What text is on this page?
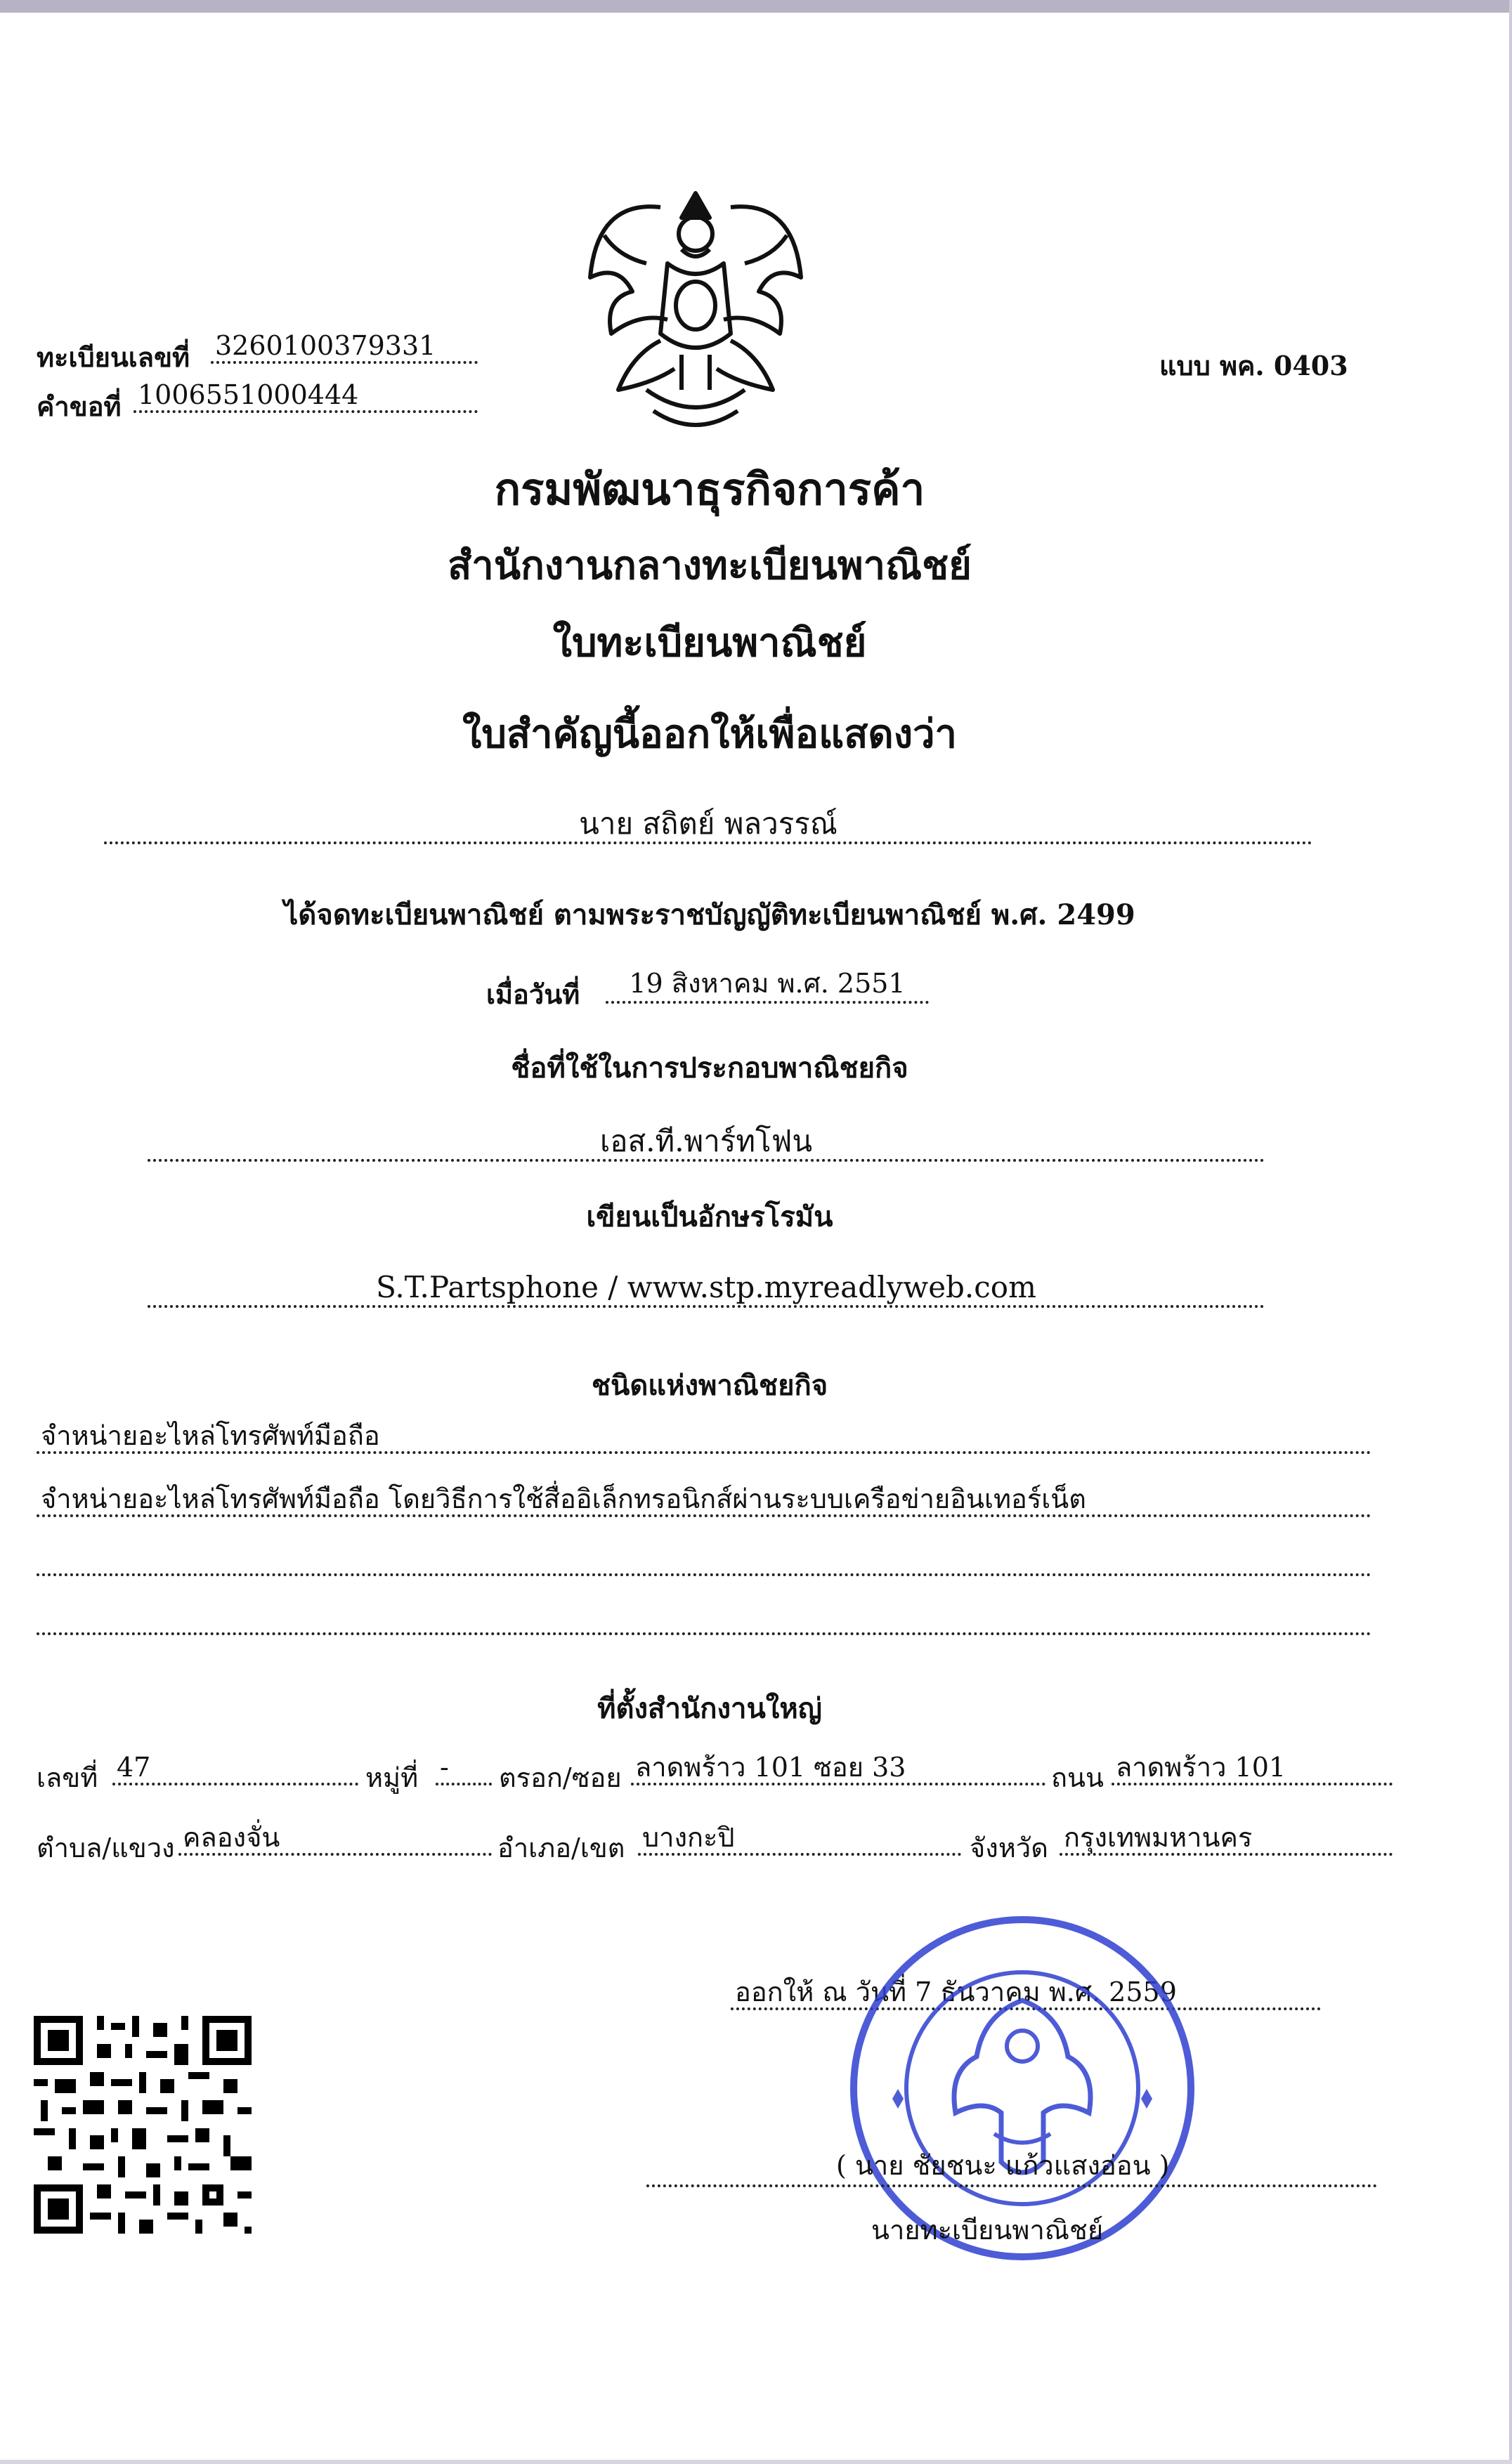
ทะเบียนเลขที่ 3260100379331
คำขอที่ 1006551000444
แบบ พค. 0403
กรมพัฒนาธุรกิจการค้า
สำนักงานกลางทะเบียนพาณิชย์
ใบทะเบียนพาณิชย์
ใบสำคัญนี้ออกให้เพื่อแสดงว่า
นาย สถิตย์ พลวรรณ์
ได้จดทะเบียนพาณิชย์ ตามพระราชบัญญัติทะเบียนพาณิชย์ พ.ศ. 2499
เมื่อวันที่	19 สิงหาคม พ.ศ. 2551
ชื่อที่ใช้ในการประกอบพาณิชยกิจ
เอส.ที.พาร์ทโฟน
เขียนเป็นอักษรโรมัน
S.T.Partsphone / www.stp.myreadlyweb.com
ชนิดแห่งพาณิชยกิจ
จำหน่ายอะไหล่โทรศัพท์มือถือ
จำหน่ายอะไหล่โทรศัพท์มือถือ โดยวิธีการใช้สื่ออิเล็กทรอนิกส์ผ่านระบบเครือข่ายอินเทอร์เน็ต
ที่ตั้งสำนักงานใหญ่
เลขที่ 47	หมู่ที่ -	ตรอก/ซอย ลาดพร้าว 101 ซอย 33	ถนน ลาดพร้าว 101
ตำบล/แขวง คลองจั่น	อำเภอ/เขต บางกะปิ	จังหวัด กรุงเทพมหานคร
ออกให้ ณ วันที่ 7 ธันวาคม พ.ศ. 2559
( นาย ชัยชนะ แก้วแสงอ่อน )
นายทะเบียนพาณิชย์
